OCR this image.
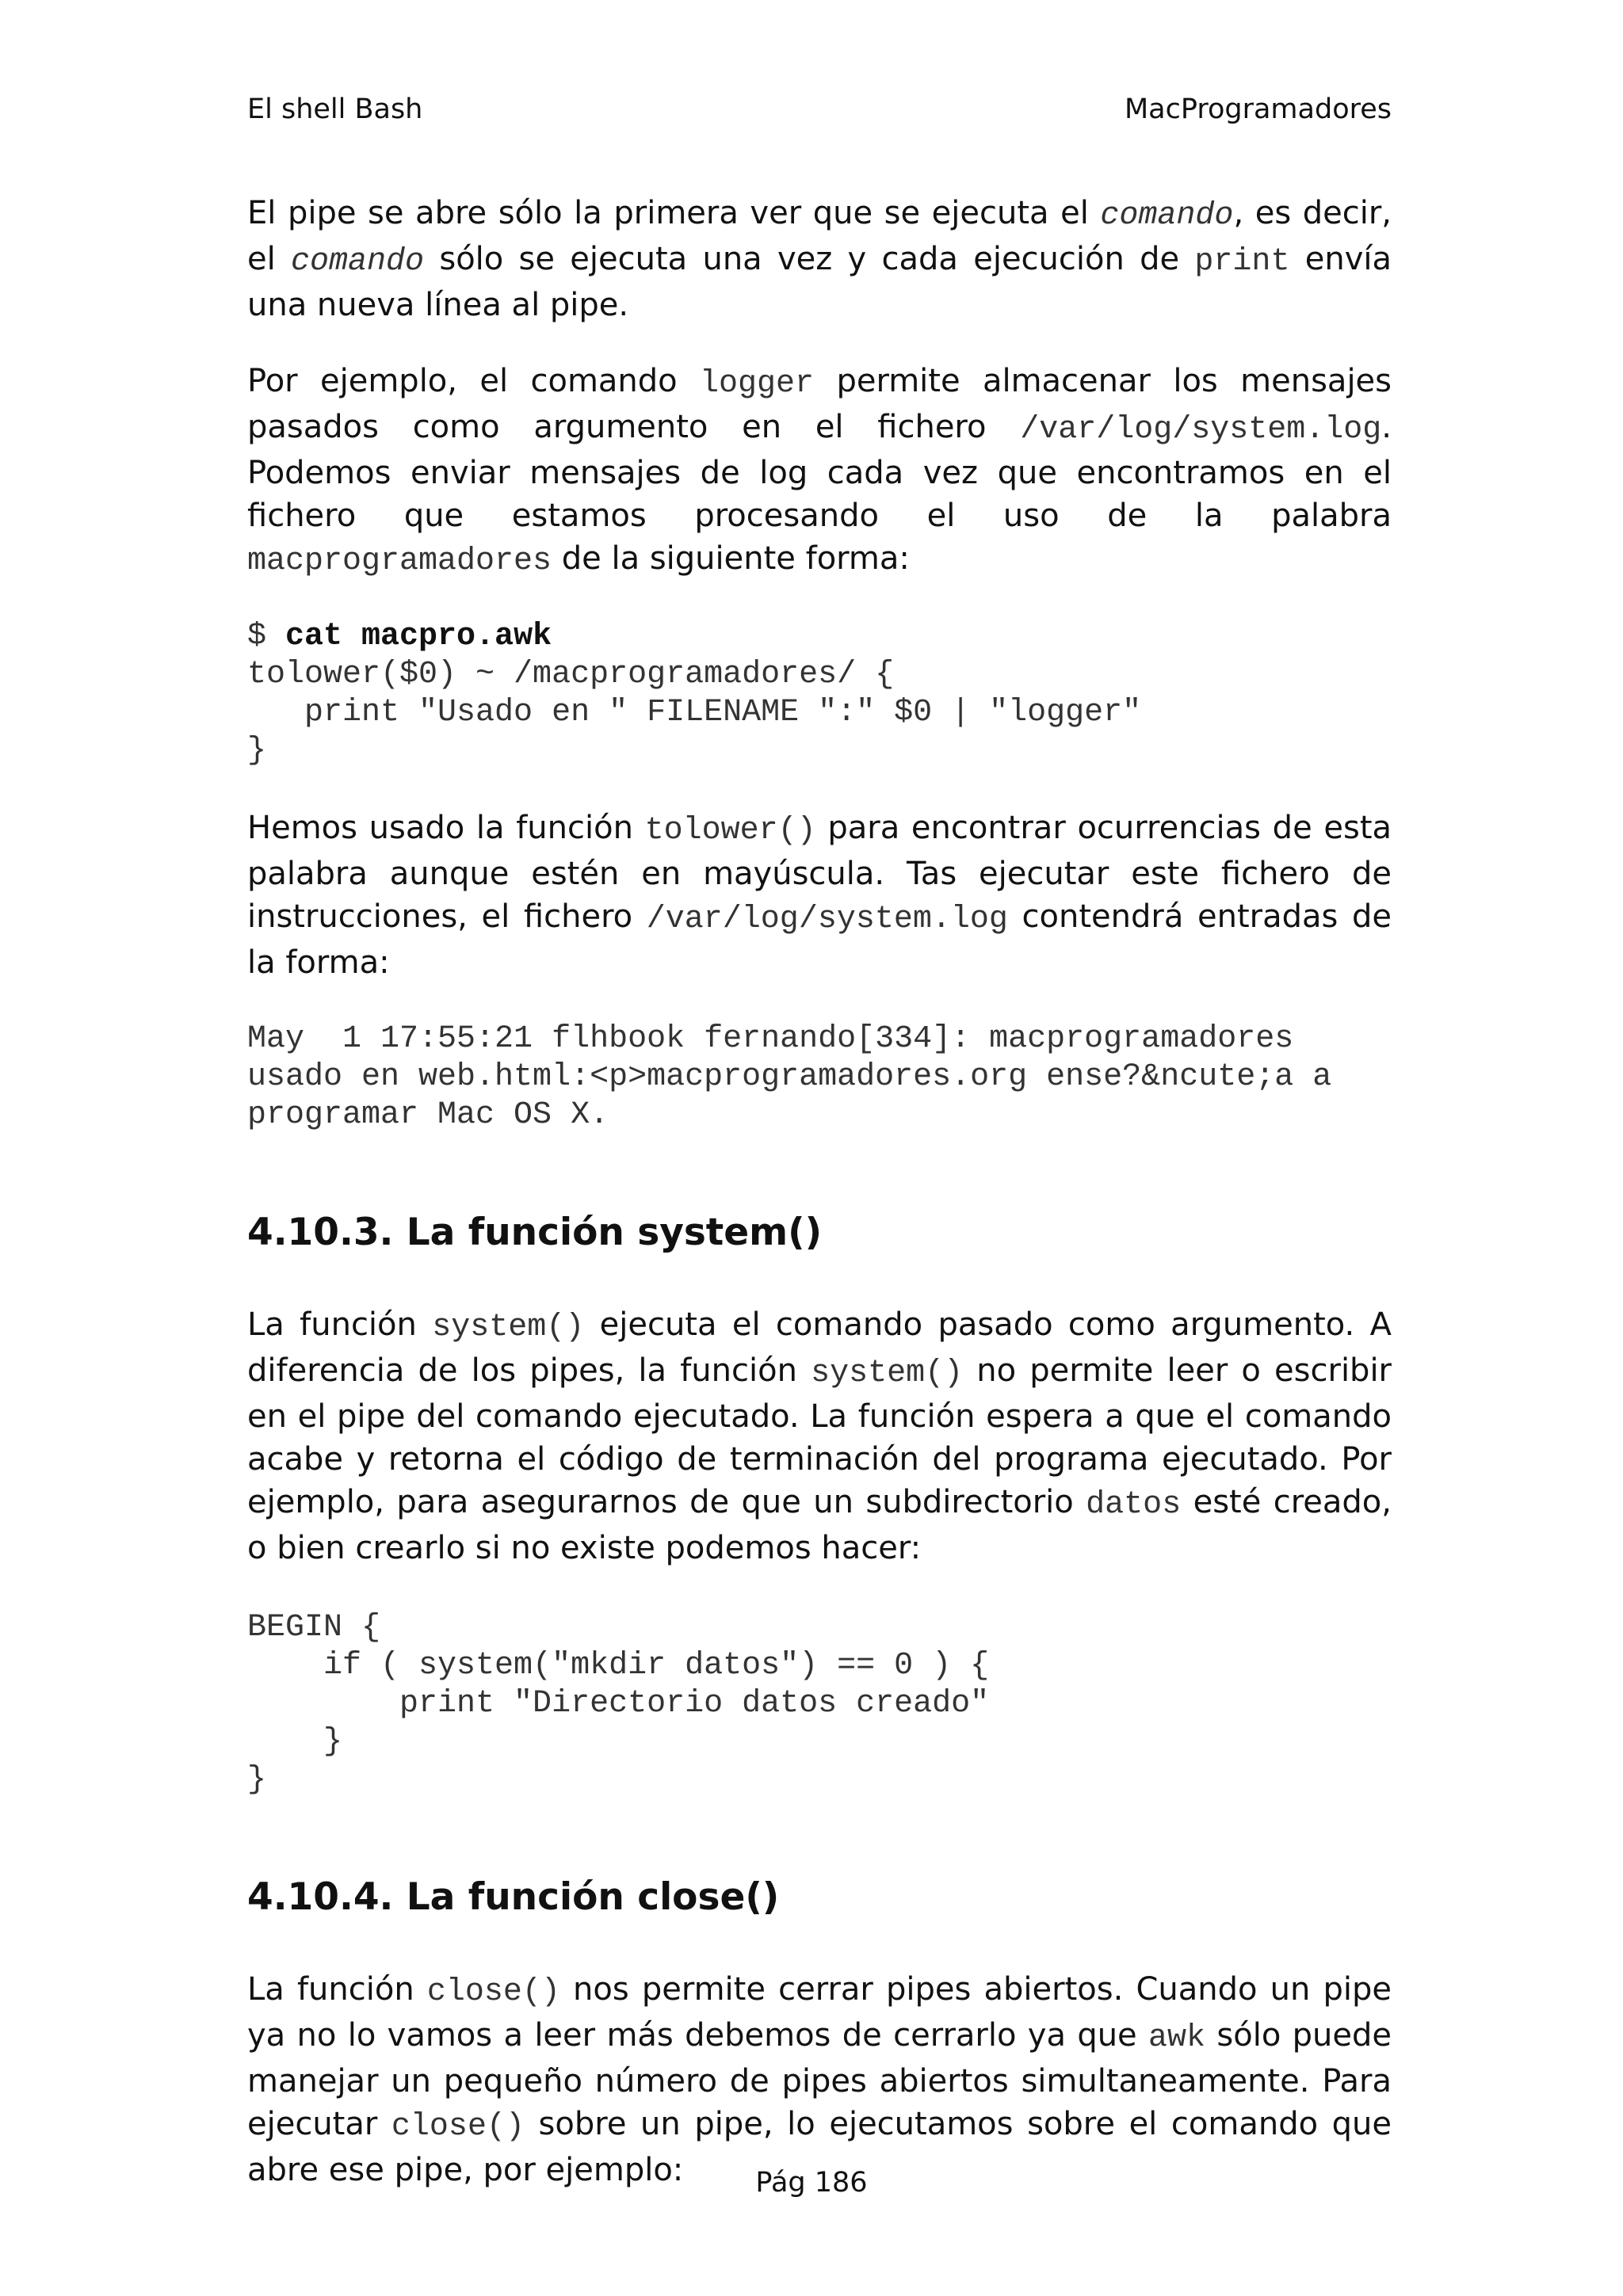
El shell Bash	MacProgramadores

El pipe se abre sólo la primera ver que se ejecuta el comando, es decir, el comando sólo se ejecuta una vez y cada ejecución de print envía una nueva línea al pipe.

Por ejemplo, el comando logger permite almacenar los mensajes pasados como argumento en el fichero /var/log/system.log. Podemos enviar mensajes de log cada vez que encontramos en el fichero que estamos procesando el uso de la palabra macprogramadores de la siguiente forma:

$ cat macpro.awk
tolower($0) ~ /macprogramadores/ {
print "Usado en " FILENAME ":" $0 | "logger"
}

Hemos usado la función tolower() para encontrar ocurrencias de esta palabra aunque estén en mayúscula. Tas ejecutar este fichero de instrucciones, el fichero /var/log/system.log contendrá entradas de la forma:

May  1 17:55:21 flhbook fernando[334]: macprogramadores
usado en web.html:<p>macprogramadores.org ense?&ncute;a a
programar Mac OS X.
4.10.3. La función system()

La función system() ejecuta el comando pasado como argumento. A diferencia de los pipes, la función system() no permite leer o escribir en el pipe del comando ejecutado. La función espera a que el comando acabe y retorna el código de terminación del programa ejecutado. Por ejemplo, para asegurarnos de que un subdirectorio datos esté creado, o bien crearlo si no existe podemos hacer:

BEGIN {
if ( system("mkdir datos") == 0 ) {
print "Directorio datos creado"
}
}
4.10.4. La función close()

La función close() nos permite cerrar pipes abiertos. Cuando un pipe ya no lo vamos a leer más debemos de cerrarlo ya que awk sólo puede manejar un pequeño número de pipes abiertos simultaneamente. Para ejecutar close() sobre un pipe, lo ejecutamos sobre el comando que abre ese pipe, por ejemplo:	Pág 186
